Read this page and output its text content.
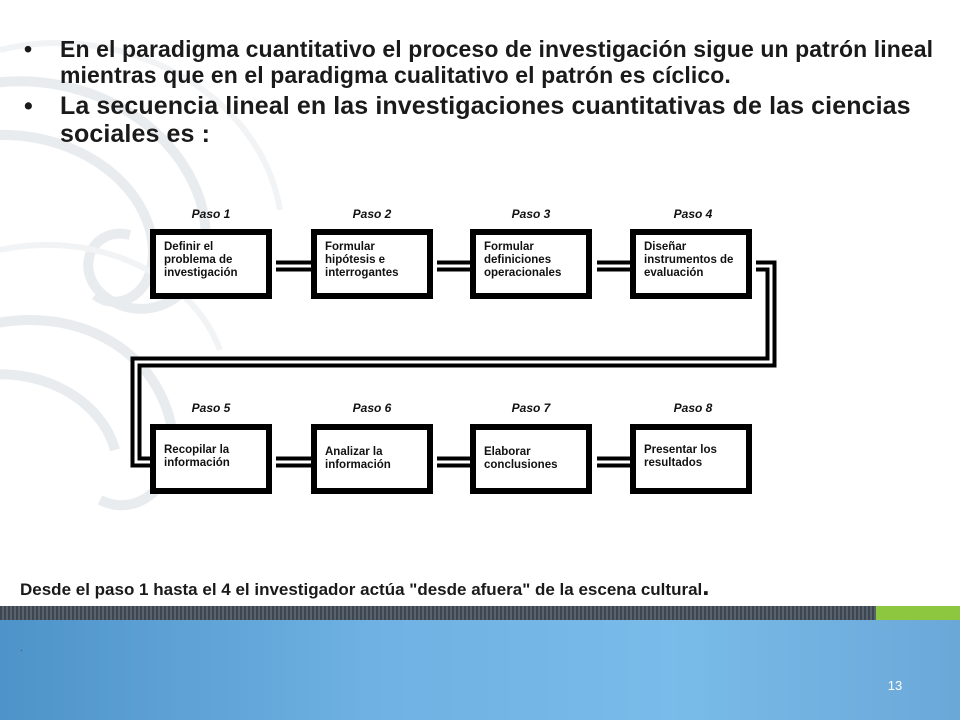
• En el paradigma cuantitativo el proceso de investigación sigue un patrón lineal mientras que en el paradigma cualitativo el patrón es cíclico.
• La secuencia lineal en las investigaciones cuantitativas de las ciencias sociales es :
Paso 1
Definir el problema de investigación
Paso 2
Formular hipótesis e interrogantes
Paso 3
Formular definiciones operacionales
Paso 4
Diseñar instrumentos de evaluación
Paso 5
Recopilar la información
Paso 6
Analizar la información
Paso 7
Elaborar conclusiones
Paso 8
Presentar los resultados
Desde el paso 1 hasta el 4 el investigador actúa "desde afuera" de la escena cultural.
.
13
